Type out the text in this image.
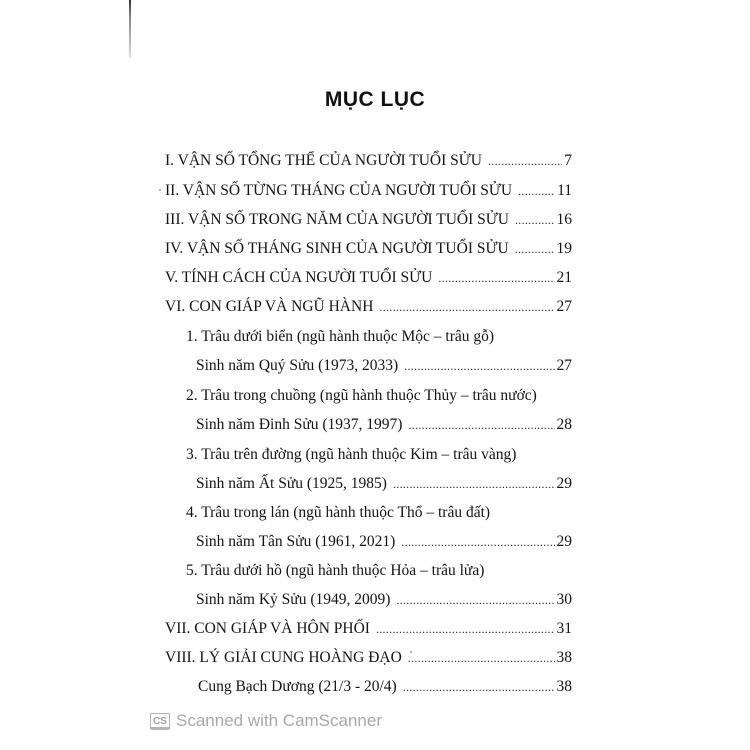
MỤC LỤC
I. VẬN SỐ TỔNG THỂ CỦA NGƯỜI TUỔI SỬU .....	7
II. VẬN SỐ TỪNG THÁNG CỦA NGƯỜI TUỔI SỬU .....	11
III. VẬN SỐ TRONG NĂM CỦA NGƯỜI TUỔI SỬU .....	16
IV. VẬN SỐ THÁNG SINH CỦA NGƯỜI TUỔI SỬU .....	19
V. TÍNH CÁCH CỦA NGƯỜI TUỔI SỬU .....	21
VI. CON GIÁP VÀ NGŨ HÀNH .....	27
1. Trâu dưới biển (ngũ hành thuộc Mộc – trâu gỗ)
Sinh năm Quý Sửu (1973, 2033) .....	27
2. Trâu trong chuồng (ngũ hành thuộc Thủy – trâu nước)
Sinh năm Đinh Sửu (1937, 1997) .....	28
3. Trâu trên đường (ngũ hành thuộc Kim – trâu vàng)
Sinh năm Ất Sửu (1925, 1985) .....	29
4. Trâu trong lán (ngũ hành thuộc Thổ – trâu đất)
Sinh năm Tân Sửu (1961, 2021) .....	29
5. Trâu dưới hồ (ngũ hành thuộc Hỏa – trâu lửa)
Sinh năm Kỷ Sửu (1949, 2009) .....	30
VII. CON GIÁP VÀ HÔN PHỐI .....	31
VIII. LÝ GIẢI CUNG HOÀNG ĐẠO .....	38
Cung Bạch Dương (21/3 - 20/4) .....	38
CS Scanned with CamScanner
